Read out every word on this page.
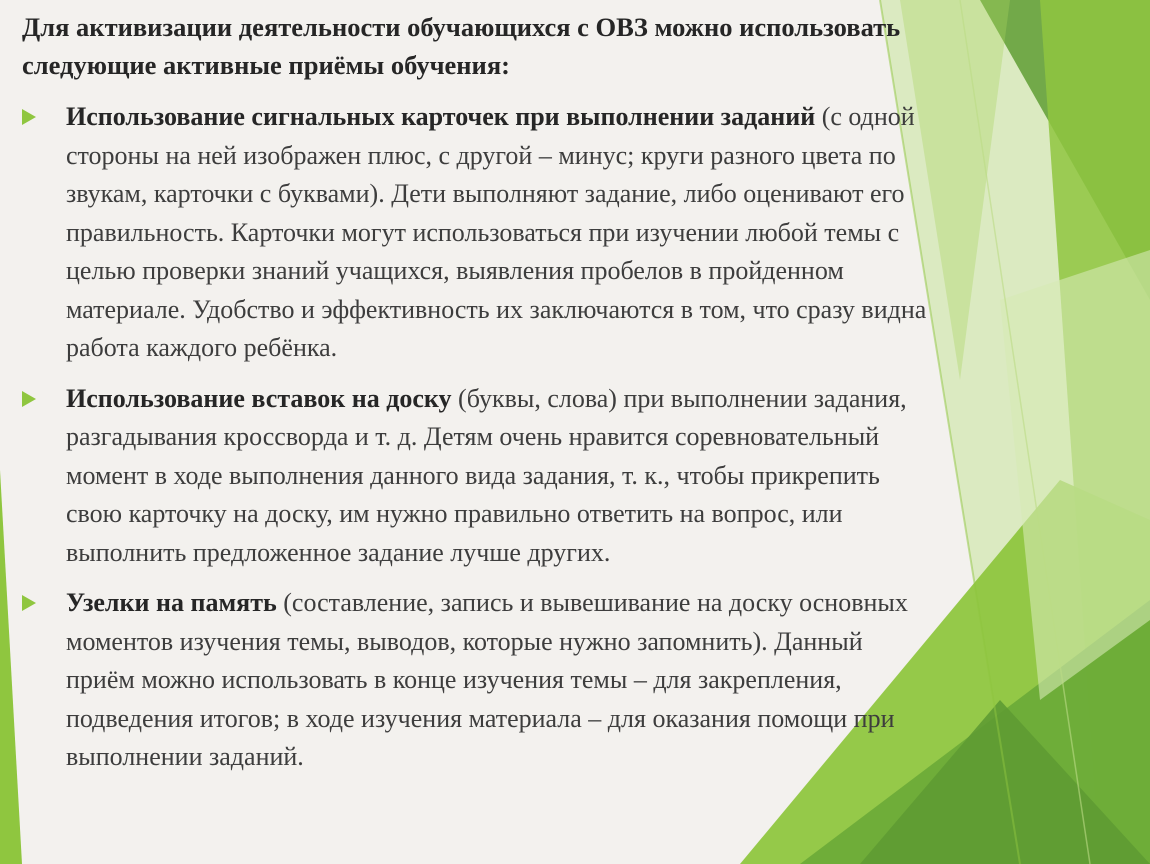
Для активизации деятельности обучающихся с ОВЗ можно использовать
следующие активные приёмы обучения:
Использование сигнальных карточек при выполнении заданий (с одной
стороны на ней изображен плюс, с другой – минус; круги разного цвета по
звукам, карточки с буквами). Дети выполняют задание, либо оценивают его
правильность. Карточки могут использоваться при изучении любой темы с
целью проверки знаний учащихся, выявления пробелов в пройденном
материале. Удобство и эффективность их заключаются в том, что сразу видна
работа каждого ребёнка.
Использование вставок на доску (буквы, слова) при выполнении задания,
разгадывания кроссворда и т. д. Детям очень нравится соревновательный
момент в ходе выполнения данного вида задания, т. к., чтобы прикрепить
свою карточку на доску, им нужно правильно ответить на вопрос, или
выполнить предложенное задание лучше других.
Узелки на память (составление, запись и вывешивание на доску основных
моментов изучения темы, выводов, которые нужно запомнить). Данный
приём можно использовать в конце изучения темы – для закрепления,
подведения итогов; в ходе изучения материала – для оказания помощи при
выполнении заданий.
